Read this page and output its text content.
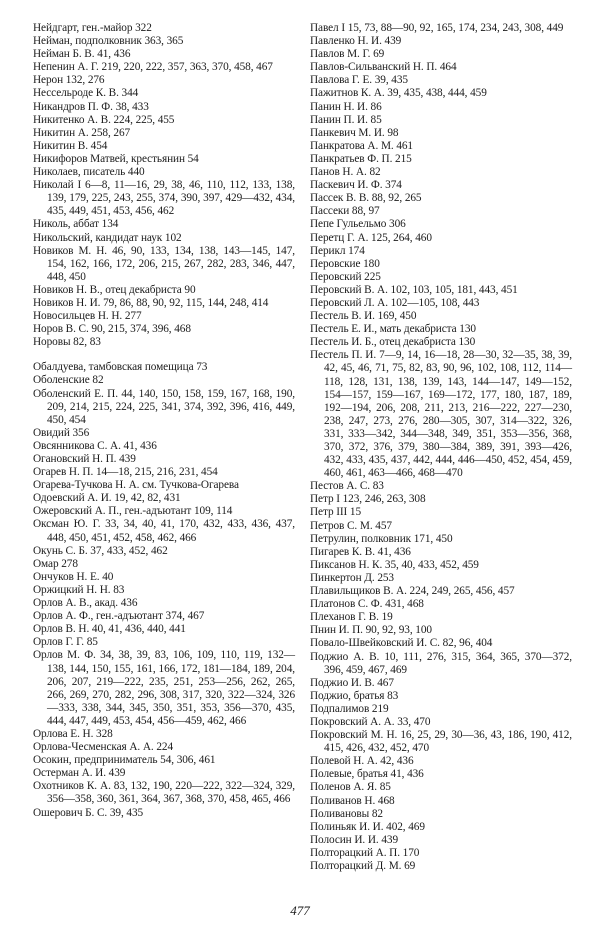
Нейдгарт, ген.-майор 322
Нейман, подполковник 363, 365
Нейман Б. В. 41, 436
Непенин А. Г. 219, 220, 222, 357, 363, 370, 458, 467
Нерон 132, 276
Нессельроде К. В. 344
Никандров П. Ф. 38, 433
Никитенко А. В. 224, 225, 455
Никитин А. 258, 267
Никитин В. 454
Никифоров Матвей, крестьянин 54
Николаев, писатель 440
Николай I 6—8, 11—16, 29, 38, 46, 110, 112, 133, 138, 139, 179, 225, 243, 255, 374, 390, 397, 429—432, 434, 435, 449, 451, 453, 456, 462
Николь, аббат 134
Никольский, кандидат наук 102
Новиков М. Н. 46, 90, 133, 134, 138, 143—145, 147, 154, 162, 166, 172, 206, 215, 267, 282, 283, 346, 447, 448, 450
Новиков Н. В., отец декабриста 90
Новиков Н. И. 79, 86, 88, 90, 92, 115, 144, 248, 414
Новосильцев Н. Н. 277
Норов В. С. 90, 215, 374, 396, 468
Норовы 82, 83
Обалдуева, тамбовская помещица 73
Оболенские 82
Оболенский Е. П. 44, 140, 150, 158, 159, 167, 168, 190, 209, 214, 215, 224, 225, 341, 374, 392, 396, 416, 449, 450, 454
Овидий 356
Овсянникова С. А. 41, 436
Огановский Н. П. 439
Огарев Н. П. 14—18, 215, 216, 231, 454
Огарева-Тучкова Н. А. см. Тучкова-Огарева
Одоевский А. И. 19, 42, 82, 431
Ожеровский А. П., ген.-адъютант 109, 114
Оксман Ю. Г. 33, 34, 40, 41, 170, 432, 433, 436, 437, 448, 450, 451, 452, 458, 462, 466
Окунь С. Б. 37, 433, 452, 462
Омар 278
Ончуков Н. Е. 40
Оржицкий Н. Н. 83
Орлов А. В., акад. 436
Орлов А. Ф., ген.-адъютант 374, 467
Орлов В. Н. 40, 41, 436, 440, 441
Орлов Г. Г. 85
Орлов М. Ф. 34, 38, 39, 83, 106, 109, 110, 119, 132—138, 144, 150, 155, 161, 166, 172, 181—184, 189, 204, 206, 207, 219—222, 235, 251, 253—256, 262, 265, 266, 269, 270, 282, 296, 308, 317, 320, 322—324, 326—333, 338, 344, 345, 350, 351, 353, 356—370, 435, 444, 447, 449, 453, 454, 456—459, 462, 466
Орлова Е. Н. 328
Орлова-Чесменская А. А. 224
Осокин, предприниматель 54, 306, 461
Остерман А. И. 439
Охотников К. А. 83, 132, 190, 220—222, 322—324, 329, 356—358, 360, 361, 364, 367, 368, 370, 458, 465, 466
Ошерович Б. С. 39, 435
Павел I 15, 73, 88—90, 92, 165, 174, 234, 243, 308, 449
Павленко Н. И. 439
Павлов М. Г. 69
Павлов-Сильванский Н. П. 464
Павлова Г. Е. 39, 435
Пажитнов К. А. 39, 435, 438, 444, 459
Панин Н. И. 86
Панин П. И. 85
Панкевич М. И. 98
Панкратова А. М. 461
Панкратьев Ф. П. 215
Панов Н. А. 82
Паскевич И. Ф. 374
Пассек В. В. 88, 92, 265
Пассеки 88, 97
Пепе Гульельмо 306
Перетц Г. А. 125, 264, 460
Перикл 174
Перовские 180
Перовский 225
Перовский В. А. 102, 103, 105, 181, 443, 451
Перовский Л. А. 102—105, 108, 443
Пестель В. И. 169, 450
Пестель Е. И., мать декабриста 130
Пестель И. Б., отец декабриста 130
Пестель П. И. 7—9, 14, 16—18, 28—30, 32—35, 38, 39, 42, 45, 46, 71, 75, 82, 83, 90, 96, 102, 108, 112, 114—118, 128, 131, 138, 139, 143, 144—147, 149—152, 154—157, 159—167, 169—172, 177, 180, 187, 189, 192—194, 206, 208, 211, 213, 216—222, 227—230, 238, 247, 273, 276, 280—305, 307, 314—322, 326, 331, 333—342, 344—348, 349, 351, 353—356, 368, 370, 372, 376, 379, 380—384, 389, 391, 393—426, 432, 433, 435, 437, 442, 444, 446—450, 452, 454, 459, 460, 461, 463—466, 468—470
Пестов А. С. 83
Петр I 123, 246, 263, 308
Петр III 15
Петров С. М. 457
Петрулин, полковник 171, 450
Пигарев К. В. 41, 436
Пиксанов Н. К. 35, 40, 433, 452, 459
Пинкертон Д. 253
Плавильщиков В. А. 224, 249, 265, 456, 457
Платонов С. Ф. 431, 468
Плеханов Г. В. 19
Пнин И. П. 90, 92, 93, 100
Повало-Швейковский И. С. 82, 96, 404
Поджио А. В. 10, 111, 276, 315, 364, 365, 370—372, 396, 459, 467, 469
Поджио И. В. 467
Поджио, братья 83
Подпалимов 219
Покровский А. А. 33, 470
Покровский М. Н. 16, 25, 29, 30—36, 43, 186, 190, 412, 415, 426, 432, 452, 470
Полевой Н. А. 42, 436
Полевые, братья 41, 436
Поленов А. Я. 85
Поливанов Н. 468
Поливановы 82
Полиньяк И. И. 402, 469
Полосин И. И. 439
Полторацкий А. П. 170
Полторацкий Д. М. 69
477
